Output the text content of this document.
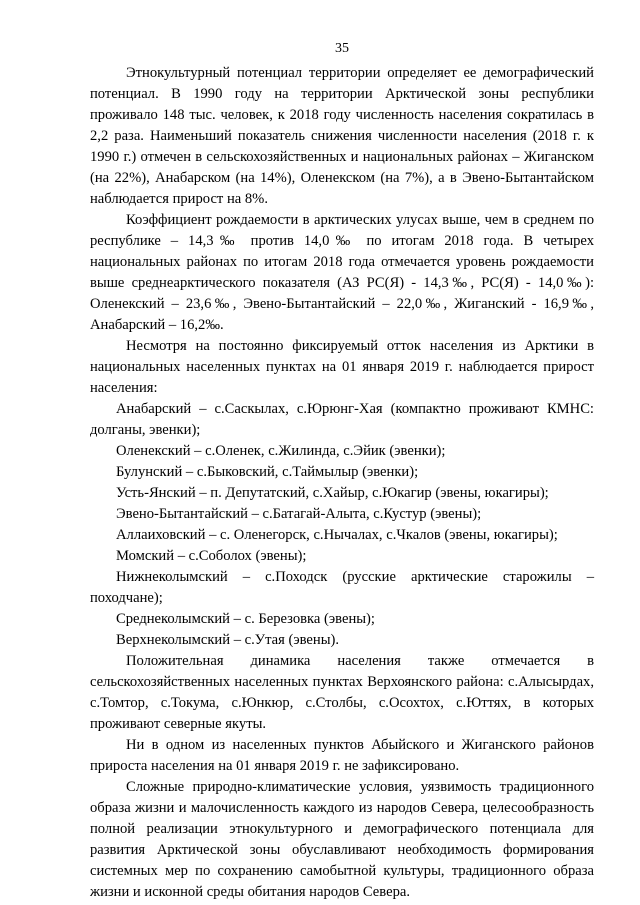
35

Этнокультурный потенциал территории определяет ее демографический потенциал. В 1990 году на территории Арктической зоны республики проживало 148 тыс. человек, к 2018 году численность населения сократилась в 2,2 раза. Наименьший показатель снижения численности населения (2018 г. к 1990 г.) отмечен в сельскохозяйственных и национальных районах – Жиганском (на 22%), Анабарском (на 14%), Оленекском (на 7%), а в Эвено-Бытантайском наблюдается прирост на 8%.

Коэффициент рождаемости в арктических улусах выше, чем в среднем по республике – 14,3‰ против 14,0‰ по итогам 2018 года. В четырех национальных районах по итогам 2018 года отмечается уровень рождаемости выше среднеарктического показателя (АЗ РС(Я) - 14,3‰, РС(Я) - 14,0‰): Оленекский – 23,6‰, Эвено-Бытантайский – 22,0‰, Жиганский - 16,9‰, Анабарский – 16,2‰.

Несмотря на постоянно фиксируемый отток населения из Арктики в национальных населенных пунктах на 01 января 2019 г. наблюдается прирост населения:

Анабарский – с.Саскылах, с.Юрюнг-Хая (компактно проживают КМНС: долганы, эвенки);

Оленекский – с.Оленек, с.Жилинда, с.Эйик (эвенки);

Булунский – с.Быковский, с.Таймылыр (эвенки);

Усть-Янский – п. Депутатский, с.Хайыр, с.Юкагир (эвены, юкагиры);

Эвено-Бытантайский – с.Батагай-Алыта, с.Кустур (эвены);

Аллаиховский – с. Оленегорск, с.Нычалах, с.Чкалов (эвены, юкагиры);

Момский – с.Соболох (эвены);

Нижнеколымский – с.Походск (русские арктические старожилы – походчане);

Среднеколымский – с. Березовка (эвены);

Верхнеколымский – с.Утая (эвены).

Положительная динамика населения также отмечается в сельскохозяйственных населенных пунктах Верхоянского района: с.Алысырдах, с.Томтор, с.Токума, с.Юнкюр, с.Столбы, с.Осохтох, с.Юттях, в которых проживают северные якуты.

Ни в одном из населенных пунктов Абыйского и Жиганского районов прироста населения на 01 января 2019 г. не зафиксировано.

Сложные природно-климатические условия, уязвимость традиционного образа жизни и малочисленность каждого из народов Севера, целесообразность полной реализации этнокультурного и демографического потенциала для развития Арктической зоны обуславливают необходимость формирования системных мер по сохранению самобытной культуры, традиционного образа жизни и исконной среды обитания народов Севера.
